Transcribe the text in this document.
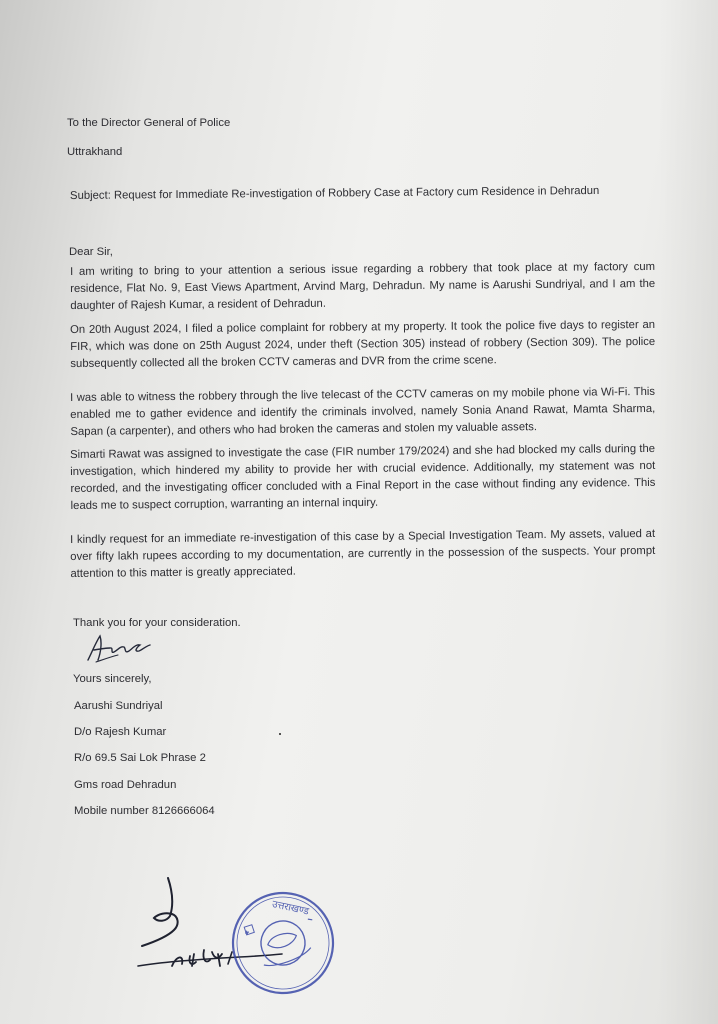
To the Director General of Police
Uttrakhand
Subject: Request for Immediate Re-investigation of Robbery Case at Factory cum Residence in Dehradun
Dear Sir,
I am writing to bring to your attention a serious issue regarding a robbery that took place at my factory cum residence, Flat No. 9, East Views Apartment, Arvind Marg, Dehradun. My name is Aarushi Sundriyal, and I am the daughter of Rajesh Kumar, a resident of Dehradun.
On 20th August 2024, I filed a police complaint for robbery at my property. It took the police five days to register an FIR, which was done on 25th August 2024, under theft (Section 305) instead of robbery (Section 309). The police subsequently collected all the broken CCTV cameras and DVR from the crime scene.
I was able to witness the robbery through the live telecast of the CCTV cameras on my mobile phone via Wi-Fi. This enabled me to gather evidence and identify the criminals involved, namely Sonia Anand Rawat, Mamta Sharma, Sapan (a carpenter), and others who had broken the cameras and stolen my valuable assets.
Simarti Rawat was assigned to investigate the case (FIR number 179/2024) and she had blocked my calls during the investigation, which hindered my ability to provide her with crucial evidence. Additionally, my statement was not recorded, and the investigating officer concluded with a Final Report in the case without finding any evidence. This leads me to suspect corruption, warranting an internal inquiry.
I kindly request for an immediate re-investigation of this case by a Special Investigation Team. My assets, valued at over fifty lakh rupees according to my documentation, are currently in the possession of the suspects. Your prompt attention to this matter is greatly appreciated.
Thank you for your consideration.
Yours sincerely,
Aarushi Sundriyal
D/o Rajesh Kumar
R/o 69.5 Sai Lok Phrase 2
Gms road Dehradun
Mobile number 8126666064
उत्तराखण्ड
